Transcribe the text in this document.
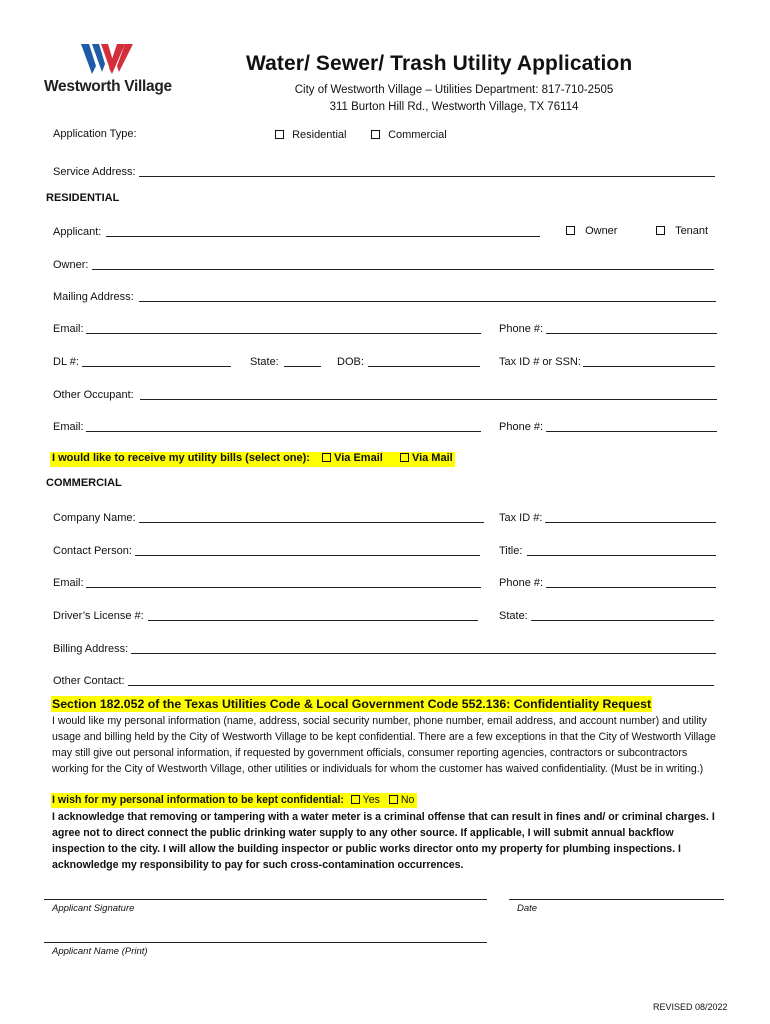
Westworth Village
Water/ Sewer/ Trash Utility Application
City of Westworth Village – Utilities Department: 817-710-2505
311 Burton Hill Rd., Westworth Village, TX 76114
Application Type:	Residential	Commercial
Service Address:
RESIDENTIAL
Applicant:	Owner	Tenant
Owner:
Mailing Address:
Email:	Phone #:
DL #:	State:	DOB:	Tax ID # or SSN:
Other Occupant:
Email:	Phone #:
I would like to receive my utility bills (select one): Via Email	Via Mail
COMMERCIAL
Company Name:	Tax ID #:
Contact Person:	Title:
Email:	Phone #:
Driver’s License #:	State:
Billing Address:
Other Contact:
Section 182.052 of the Texas Utilities Code & Local Government Code 552.136: Confidentiality Request
I would like my personal information (name, address, social security number, phone number, email address, and account number) and utility usage and billing held by the City of Westworth Village to be kept confidential. There are a few exceptions in that the City of Westworth Village may still give out personal information, if requested by government officials, consumer reporting agencies, contractors or subcontractors working for the City of Westworth Village, other utilities or individuals for whom the customer has waived confidentiality. (Must be in writing.)
I wish for my personal information to be kept confidential: Yes No
I acknowledge that removing or tampering with a water meter is a criminal offense that can result in fines and/ or criminal charges. I agree not to direct connect the public drinking water supply to any other source. If applicable, I will submit annual backflow inspection to the city. I will allow the building inspector or public works director onto my property for plumbing inspections. I acknowledge my responsibility to pay for such cross-contamination occurrences.
Applicant Signature	Date
Applicant Name (Print)
REVISED 08/2022
